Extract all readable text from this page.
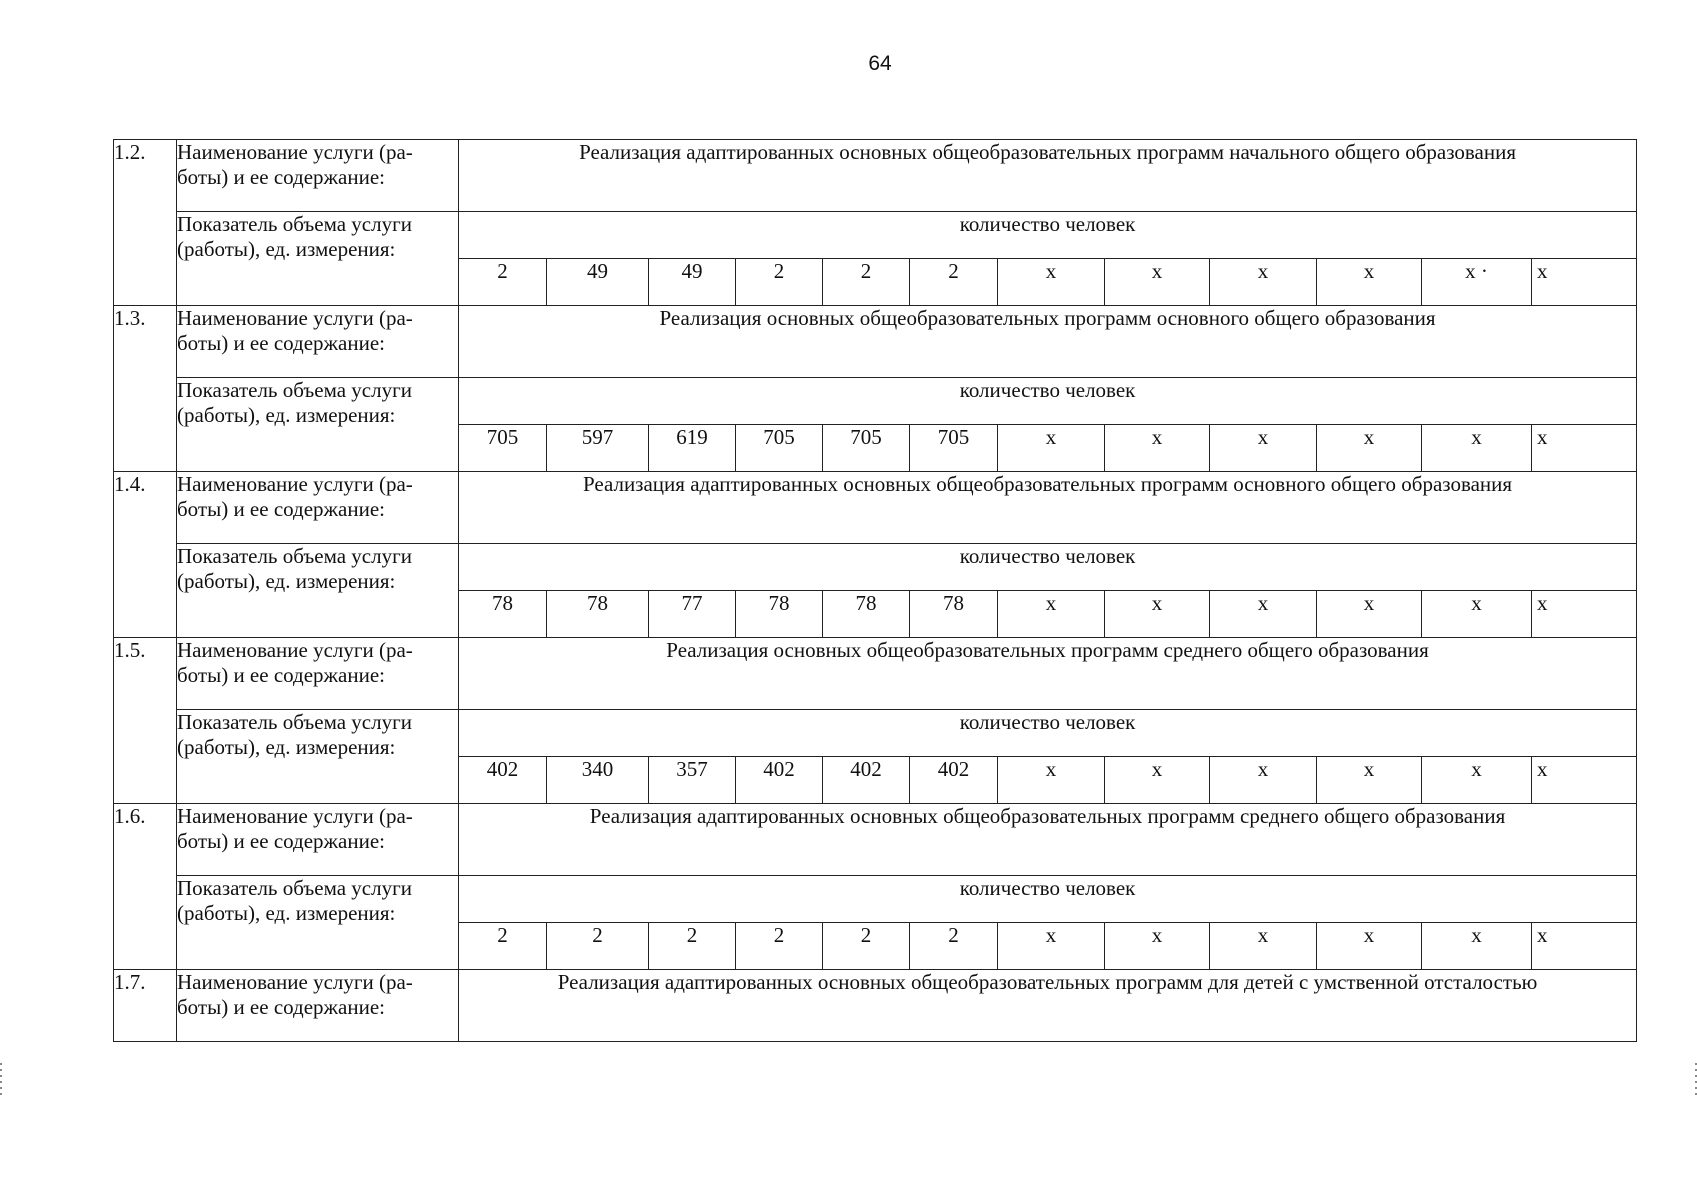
64
1.2.	Наименование услуги (ра-боты) и ее содержание:	Реализация адаптированных основных общеобразовательных программ начального общего образования											
	Показатель объема услуги (работы), ед. измерения:	количество человек											
		2	49	49	2	2	2	x	x	x	x	x ·	x
1.3.	Наименование услуги (ра-боты) и ее содержание:	Реализация основных общеобразовательных программ основного общего образования											
	Показатель объема услуги (работы), ед. измерения:	количество человек											
		705	597	619	705	705	705	x	x	x	x	x	x
1.4.	Наименование услуги (ра-боты) и ее содержание:	Реализация адаптированных основных общеобразовательных программ основного общего образования											
	Показатель объема услуги (работы), ед. измерения:	количество человек											
		78	78	77	78	78	78	x	x	x	x	x	x
1.5.	Наименование услуги (ра-боты) и ее содержание:	Реализация основных общеобразовательных программ среднего общего образования											
	Показатель объема услуги (работы), ед. измерения:	количество человек											
		402	340	357	402	402	402	x	x	x	x	x	x
1.6.	Наименование услуги (ра-боты) и ее содержание:	Реализация адаптированных основных общеобразовательных программ среднего общего образования											
	Показатель объема услуги (работы), ед. измерения:	количество человек											
		2	2	2	2	2	2	x	x	x	x	x	x
1.7.	Наименование услуги (ра-боты) и ее содержание:	Реализация адаптированных основных общеобразовательных программ для детей с умственной отсталостью											
